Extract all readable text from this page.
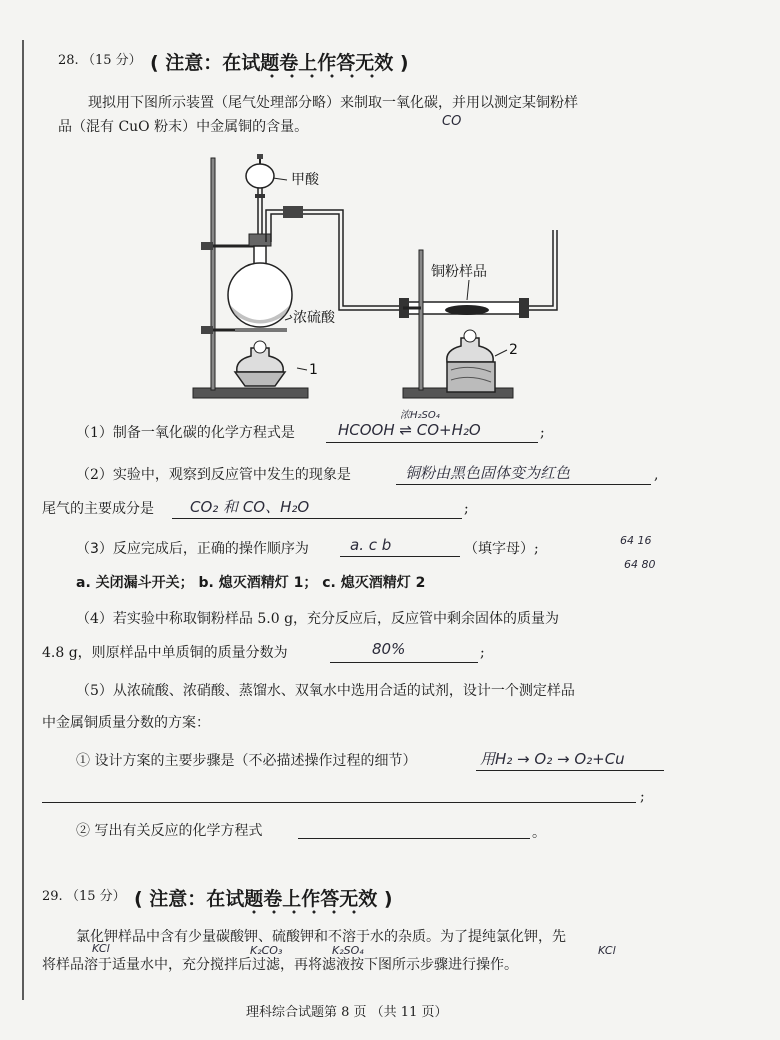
28. （15 分） ( 注意：在试题卷上作答无效 )
现拟用下图所示装置（尾气处理部分略）来制取一氧化碳，并用以测定某铜粉样
品（混有 CuO 粉末）中金属铜的含量。	CO
甲酸
浓硫酸
铜粉样品
1
2
（1）制备一氧化碳的化学方程式是
浓H₂SO₄
HCOOH ⇌ CO+H₂O	;
（2）实验中，观察到反应管中发生的现象是	铜粉由黑色固体变为红色	,
尾气的主要成分是 CO₂ 和 CO、H₂O	;
（3）反应完成后，正确的操作顺序为	a. c b	（填字母）;
64 16
64 80
a. 关闭漏斗开关； b. 熄灭酒精灯 1； c. 熄灭酒精灯 2
（4）若实验中称取铜粉样品 5.0 g，充分反应后，反应管中剩余固体的质量为
4.8 g，则原样品中单质铜的质量分数为	80%	;
（5）从浓硫酸、浓硝酸、蒸馏水、双氧水中选用合适的试剂，设计一个测定样品
中金属铜质量分数的方案：
① 设计方案的主要步骤是（不必描述操作过程的细节）	用H₂ → O₂ → O₂+Cu
;
② 写出有关反应的化学方程式	。
29. （15 分） ( 注意：在试题卷上作答无效 )
氯化钾样品中含有少量碳酸钾、硫酸钾和不溶于水的杂质。为了提纯氯化钾，先
将样品溶于适量水中，充分搅拌后过滤，再将滤液按下图所示步骤进行操作。
KCl	K₂CO₃	K₂SO₄	KCl
理科综合试题第 8 页 （共 11 页）
